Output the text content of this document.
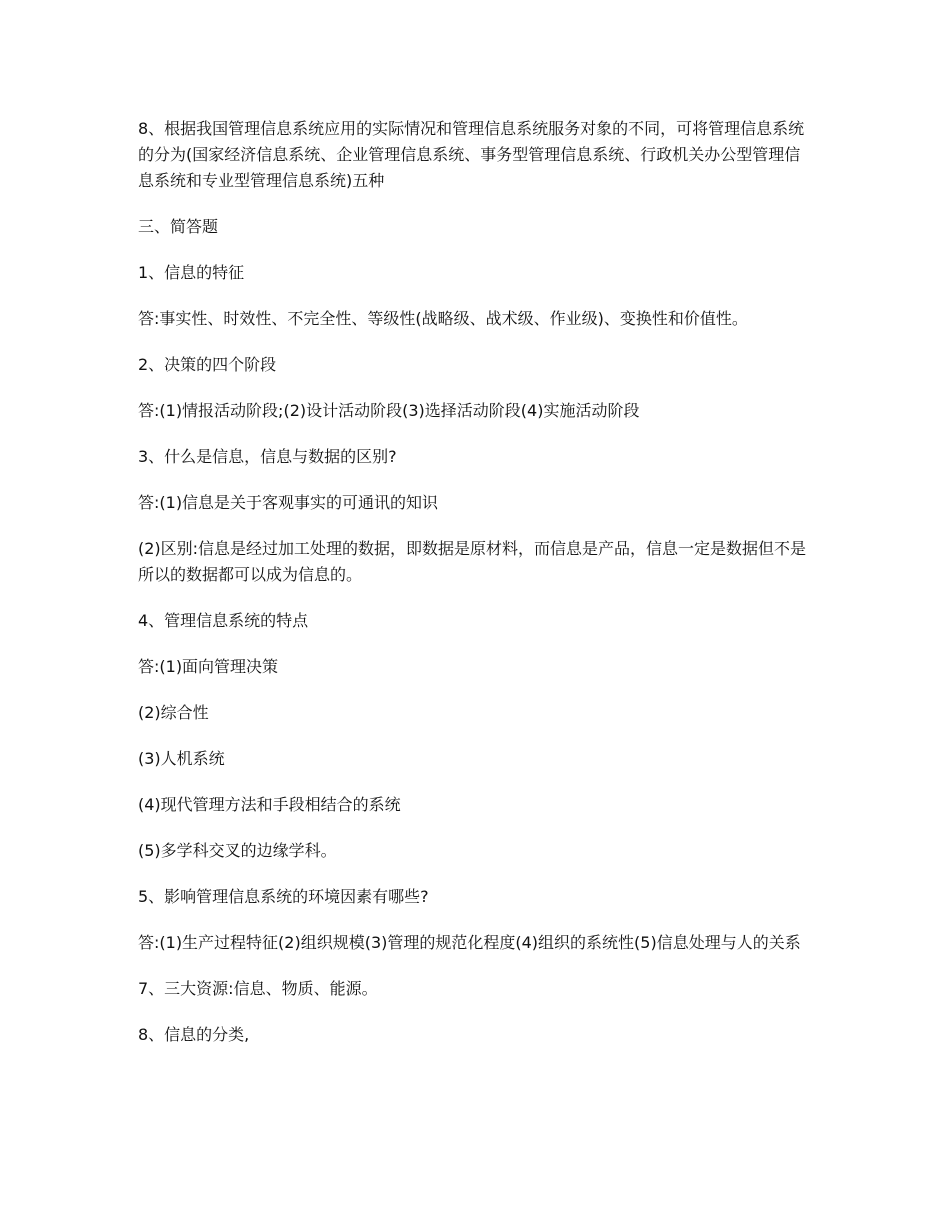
8、根据我国管理信息系统应用的实际情况和管理信息系统服务对象的不同，可将管理信息系统的分为(国家经济信息系统、企业管理信息系统、事务型管理信息系统、行政机关办公型管理信息系统和专业型管理信息系统)五种

三、简答题

1、信息的特征

答:事实性、时效性、不完全性、等级性(战略级、战术级、作业级)、变换性和价值性。

2、决策的四个阶段

答:(1)情报活动阶段;(2)设计活动阶段(3)选择活动阶段(4)实施活动阶段

3、什么是信息，信息与数据的区别?

答:(1)信息是关于客观事实的可通讯的知识

(2)区别:信息是经过加工处理的数据，即数据是原材料，而信息是产品，信息一定是数据但不是所以的数据都可以成为信息的。

4、管理信息系统的特点

答:(1)面向管理决策

(2)综合性

(3)人机系统

(4)现代管理方法和手段相结合的系统

(5)多学科交叉的边缘学科。

5、影响管理信息系统的环境因素有哪些?

答:(1)生产过程特征(2)组织规模(3)管理的规范化程度(4)组织的系统性(5)信息处理与人的关系

7、三大资源:信息、物质、能源。

8、信息的分类,
